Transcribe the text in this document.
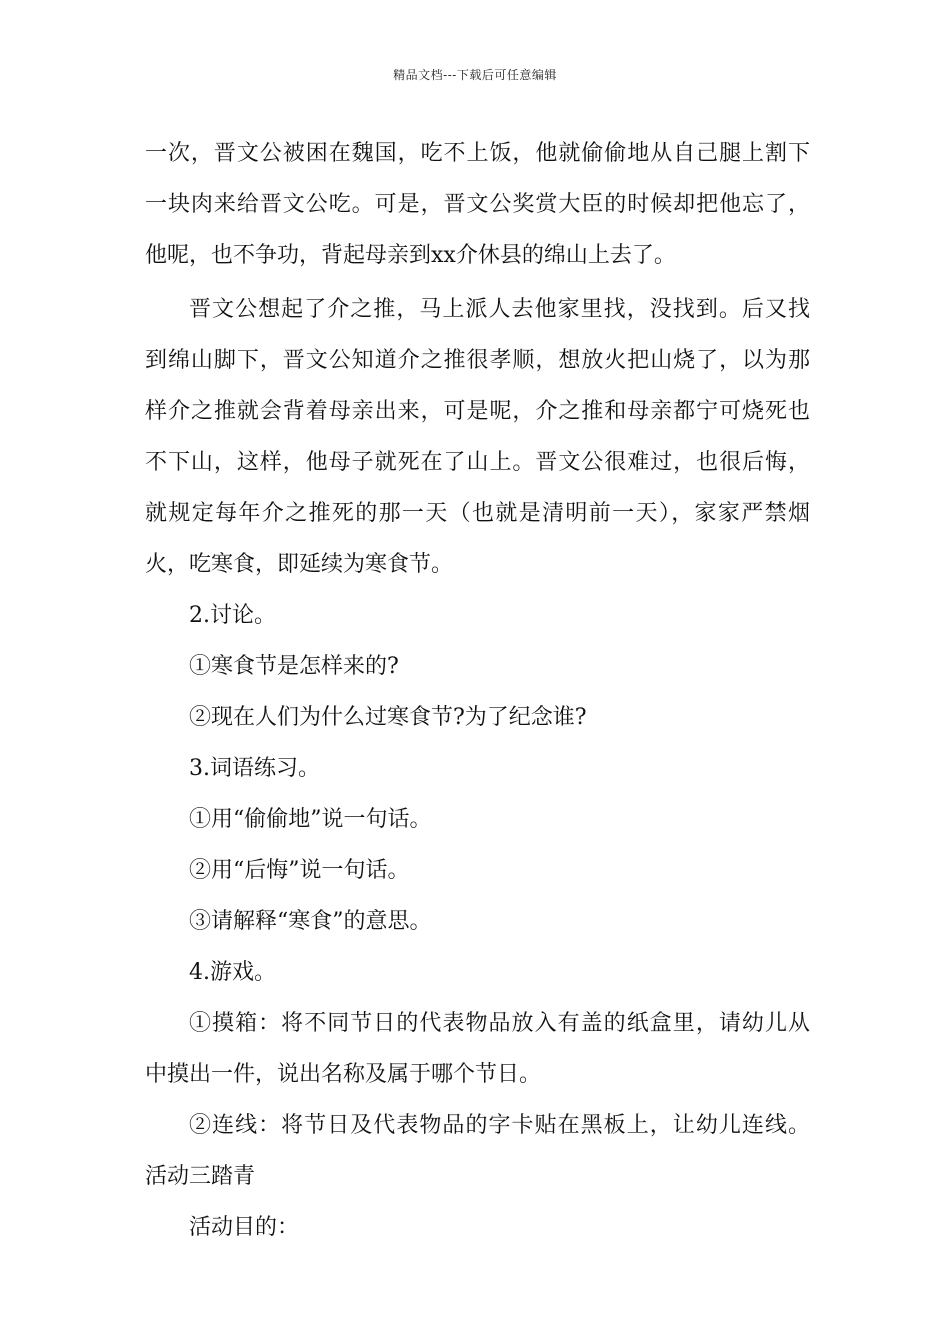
精品文档---下载后可任意编辑
一次，晋文公被困在魏国，吃不上饭，他就偷偷地从自己腿上割下
一块肉来给晋文公吃。可是，晋文公奖赏大臣的时候却把他忘了，
他呢，也不争功，背起母亲到xx介休县的绵山上去了。
晋文公想起了介之推，马上派人去他家里找，没找到。后又找
到绵山脚下，晋文公知道介之推很孝顺，想放火把山烧了，以为那
样介之推就会背着母亲出来，可是呢，介之推和母亲都宁可烧死也
不下山，这样，他母子就死在了山上。晋文公很难过，也很后悔，
就规定每年介之推死的那一天（也就是清明前一天），家家严禁烟
火，吃寒食，即延续为寒食节。
2.讨论。
①寒食节是怎样来的?
②现在人们为什么过寒食节?为了纪念谁?
3.词语练习。
①用“偷偷地”说一句话。
②用“后悔”说一句话。
③请解释“寒食”的意思。
4.游戏。
①摸箱：将不同节日的代表物品放入有盖的纸盒里，请幼儿从
中摸出一件，说出名称及属于哪个节日。
②连线：将节日及代表物品的字卡贴在黑板上，让幼儿连线。
活动三踏青
活动目的：
